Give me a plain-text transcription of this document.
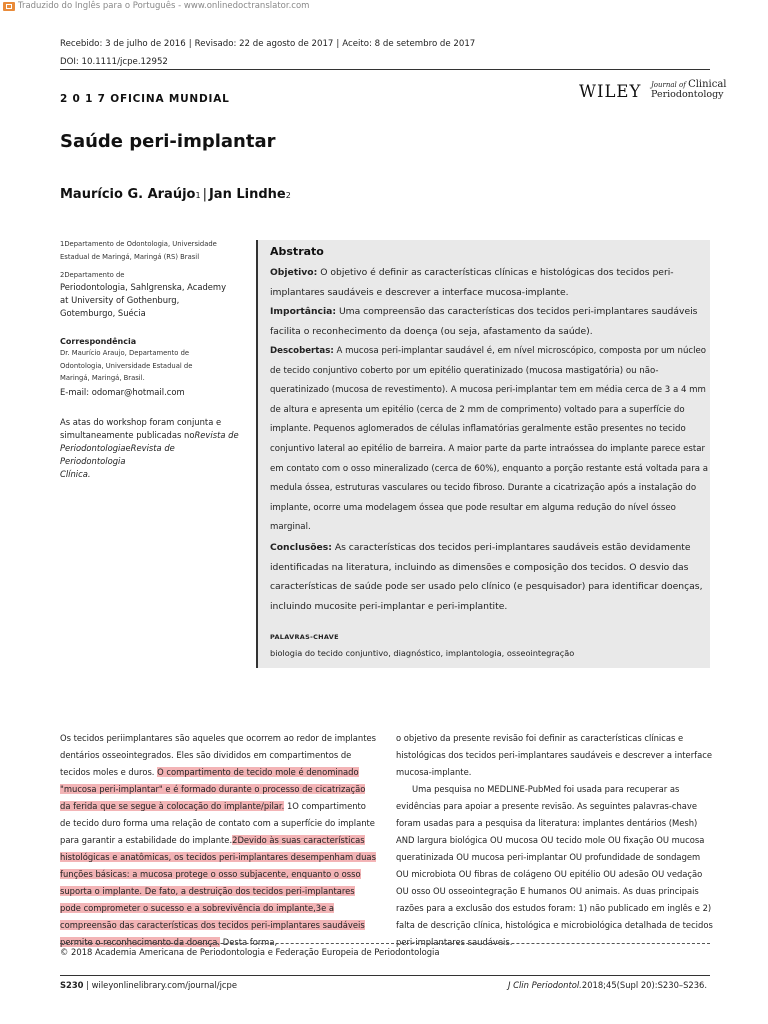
Traduzido do Inglês para o Português - www.onlinedoctranslator.com
Recebido: 3 de julho de 2016 | Revisado: 22 de agosto de 2017 | Aceito: 8 de setembro de 2017
DOI: 10.1111/jcpe.12952
2 0 1 7 OFICINA MUNDIAL	WILEY Journal of Clinical
Periodontology
Saúde peri-implantar
Maurício G. Araújo1 | Jan Lindhe2
1Departamento de Odontologia, Universidade Estadual de Maringá, Maringá (RS) Brasil
2Departamento de
Periodontologia, Sahlgrenska, Academy
at University of Gothenburg,
Gotemburgo, Suécia
Correspondência
Dr. Maurício Araujo, Departamento de
Odontologia, Universidade Estadual de
Maringá, Maringá, Brasil.
E-mail: odomar@hotmail.com
As atas do workshop foram conjunta e
simultaneamente publicadas noRevista de
PeriodontologiaeRevista de Periodontologia
Clínica.
Abstrato
Objetivo: O objetivo é definir as características clínicas e histológicas dos tecidos peri-implantares saudáveis e descrever a interface mucosa-implante.
Importância: Uma compreensão das características dos tecidos peri-implantares saudáveis facilita o reconhecimento da doença (ou seja, afastamento da saúde).
Descobertas: A mucosa peri-implantar saudável é, em nível microscópico, composta por um núcleo de tecido conjuntivo coberto por um epitélio queratinizado (mucosa mastigatória) ou não-queratinizado (mucosa de revestimento). A mucosa peri-implantar tem em média cerca de 3 a 4 mm de altura e apresenta um epitélio (cerca de 2 mm de comprimento) voltado para a superfície do implante. Pequenos aglomerados de células inflamatórias geralmente estão presentes no tecido conjuntivo lateral ao epitélio de barreira. A maior parte da parte intraóssea do implante parece estar em contato com o osso mineralizado (cerca de 60%), enquanto a porção restante está voltada para a medula óssea, estruturas vasculares ou tecido fibroso. Durante a cicatrização após a instalação do implante, ocorre uma modelagem óssea que pode resultar em alguma redução do nível ósseo marginal.
Conclusões: As características dos tecidos peri-implantares saudáveis estão devidamente identificadas na literatura, incluindo as dimensões e composição dos tecidos. O desvio das características de saúde pode ser usado pelo clínico (e pesquisador) para identificar doenças, incluindo mucosite peri-implantar e peri-implantite.
PALAVRAS-CHAVE
biologia do tecido conjuntivo, diagnóstico, implantologia, osseointegração
Os tecidos periimplantares são aqueles que ocorrem ao redor de implantes dentários osseointegrados. Eles são divididos em compartimentos de tecidos moles e duros. O compartimento de tecido mole é denominado "mucosa peri-implantar" e é formado durante o processo de cicatrização da ferida que se segue à colocação do implante/pilar. 1O compartimento de tecido duro forma uma relação de contato com a superfície do implante para garantir a estabilidade do implante.2Devido às suas características histológicas e anatômicas, os tecidos peri-implantares desempenham duas funções básicas: a mucosa protege o osso subjacente, enquanto o osso suporta o implante. De fato, a destruição dos tecidos peri-implantares pode comprometer o sucesso e a sobrevivência do implante,3e a compreensão das características dos tecidos peri-implantares saudáveis permite o reconhecimento da doença. Desta forma,
o objetivo da presente revisão foi definir as características clínicas e histológicas dos tecidos peri-implantares saudáveis e descrever a interface mucosa-implante.
Uma pesquisa no MEDLINE-PubMed foi usada para recuperar as evidências para apoiar a presente revisão. As seguintes palavras-chave foram usadas para a pesquisa da literatura: implantes dentários (Mesh) AND largura biológica OU mucosa OU tecido mole OU fixação OU mucosa queratinizada OU mucosa peri-implantar OU profundidade de sondagem OU microbiota OU fibras de colágeno OU epitélio OU adesão OU vedação OU osso OU osseointegração E humanos OU animais. As duas principais razões para a exclusão dos estudos foram: 1) não publicado em inglês e 2) falta de descrição clínica, histológica e microbiológica detalhada de tecidos peri-implantares saudáveis.
© 2018 Academia Americana de Periodontologia e Federação Europeia de Periodontologia
S230 | wileyonlinelibrary.com/journal/jcpe	J Clin Periodontol.2018;45(Supl 20):S230–S236.
